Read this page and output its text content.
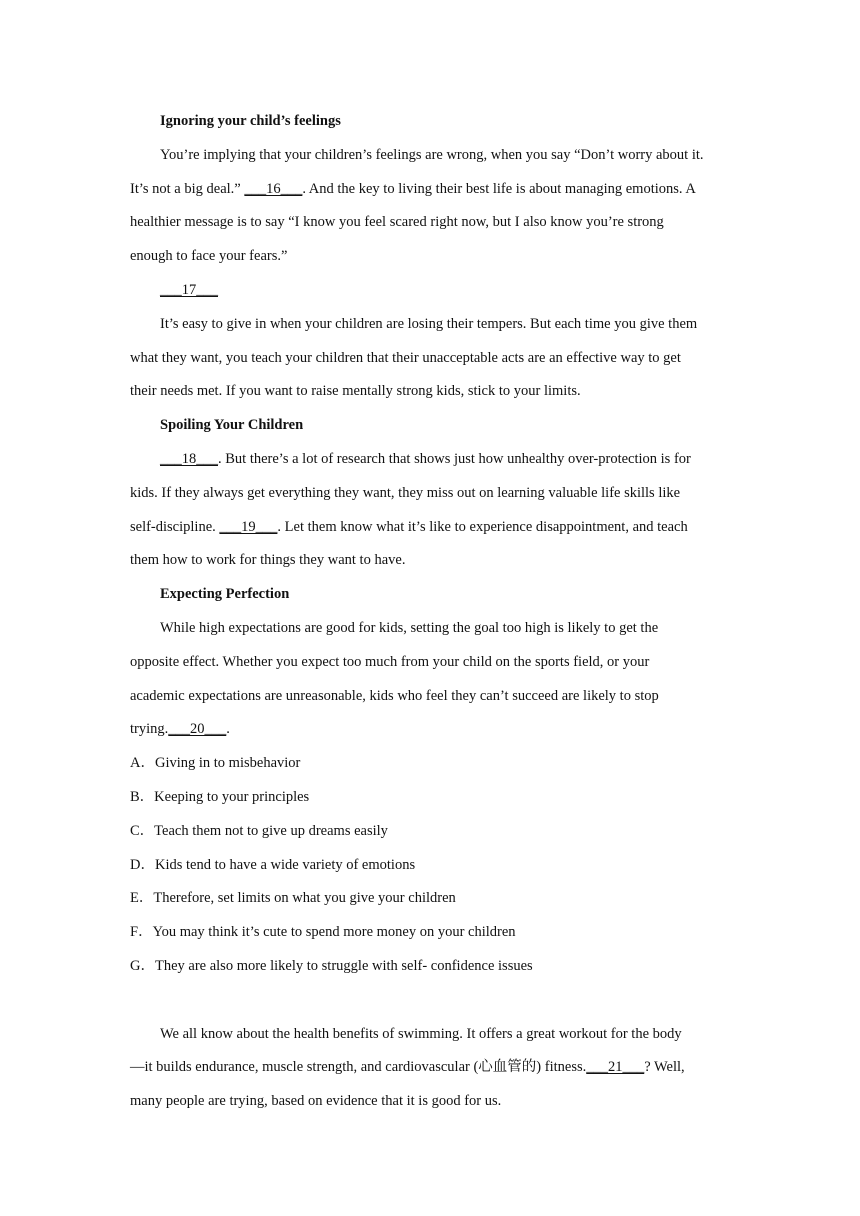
Ignoring your child’s feelings
You’re implying that your children’s feelings are wrong, when you say “Don’t worry about it.
It’s not a big deal.” ___16___. And the key to living their best life is about managing emotions. A
healthier message is to say “I know you feel scared right now, but I also know you’re strong
enough to face your fears.”
___17___
It’s easy to give in when your children are losing their tempers. But each time you give them
what they want, you teach your children that their unacceptable acts are an effective way to get
their needs met. If you want to raise mentally strong kids, stick to your limits.
Spoiling Your Children
___18___. But there’s a lot of research that shows just how unhealthy over-protection is for
kids. If they always get everything they want, they miss out on learning valuable life skills like
self-discipline. ___19___. Let them know what it’s like to experience disappointment, and teach
them how to work for things they want to have.
Expecting Perfection
While high expectations are good for kids, setting the goal too high is likely to get the
opposite effect. Whether you expect too much from your child on the sports field, or your
academic expectations are unreasonable, kids who feel they can’t succeed are likely to stop
trying.___20___.
A．Giving in to misbehavior
B．Keeping to your principles
C．Teach them not to give up dreams easily
D．Kids tend to have a wide variety of emotions
E．Therefore, set limits on what you give your children
F．You may think it’s cute to spend more money on your children
G．They are also more likely to struggle with self- confidence issues
We all know about the health benefits of swimming. It offers a great workout for the body
—it builds endurance, muscle strength, and cardiovascular (心血管的) fitness.___21___? Well,
many people are trying, based on evidence that it is good for us.
